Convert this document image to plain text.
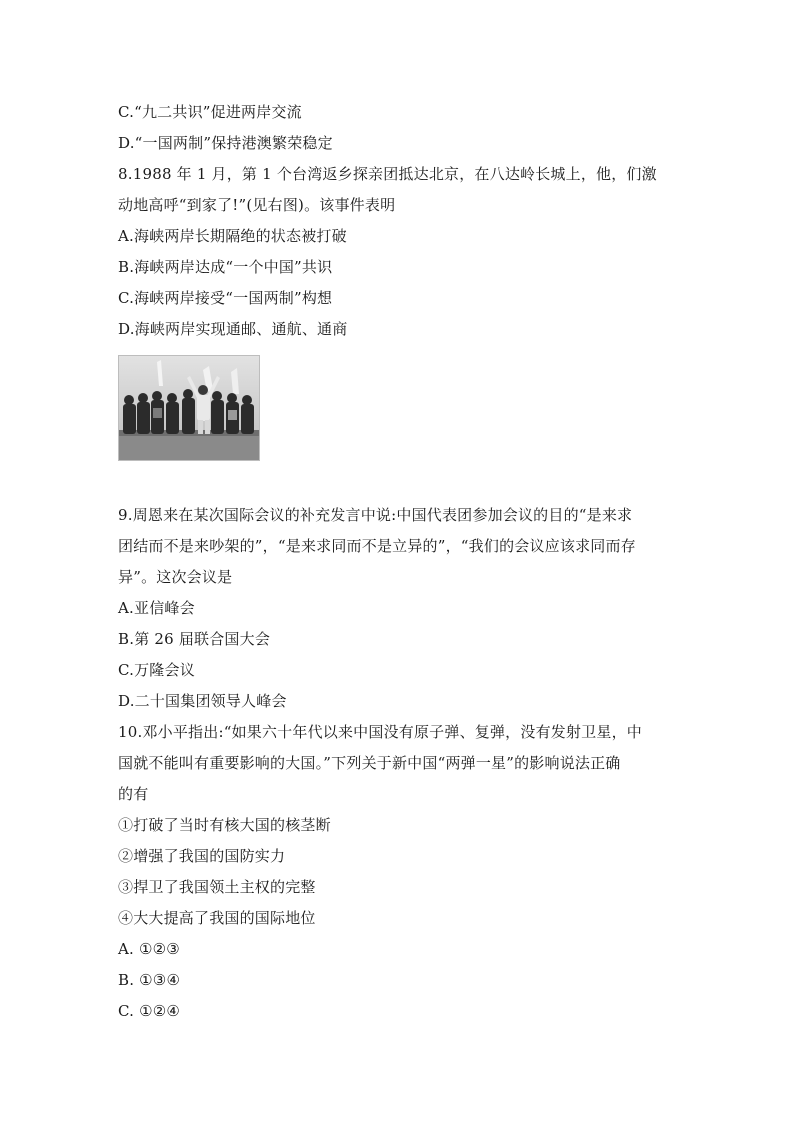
C.“九二共识”促进两岸交流
D.“一国两制”保持港澳繁荣稳定
8.1988 年 1 月，第 1 个台湾返乡探亲团抵达北京，在八达岭长城上，他，们激
动地高呼“到家了!”(见右图)。该事件表明
A.海峡两岸长期隔绝的状态被打破
B.海峡两岸达成“一个中国”共识
C.海峡两岸接受“一国两制”构想
D.海峡两岸实现通邮、通航、通商
9.周恩来在某次国际会议的补充发言中说:中国代表团参加会议的目的“是来求
团结而不是来吵架的”，“是来求同而不是立异的”，“我们的会议应该求同而存
异”。这次会议是
A.亚信峰会
B.第 26 届联合国大会
C.万隆会议
D.二十国集团领导人峰会
10.邓小平指出:“如果六十年代以来中国没有原子弹、复弹，没有发射卫星，中
国就不能叫有重要影响的大国。”下列关于新中国“两弹一星”的影响说法正确
的有
①打破了当时有核大国的核茎断
②增强了我国的国防实力
③捍卫了我国领土主权的完整
④大大提高了我国的国际地位
A. ①②③
B. ①③④
C. ①②④
